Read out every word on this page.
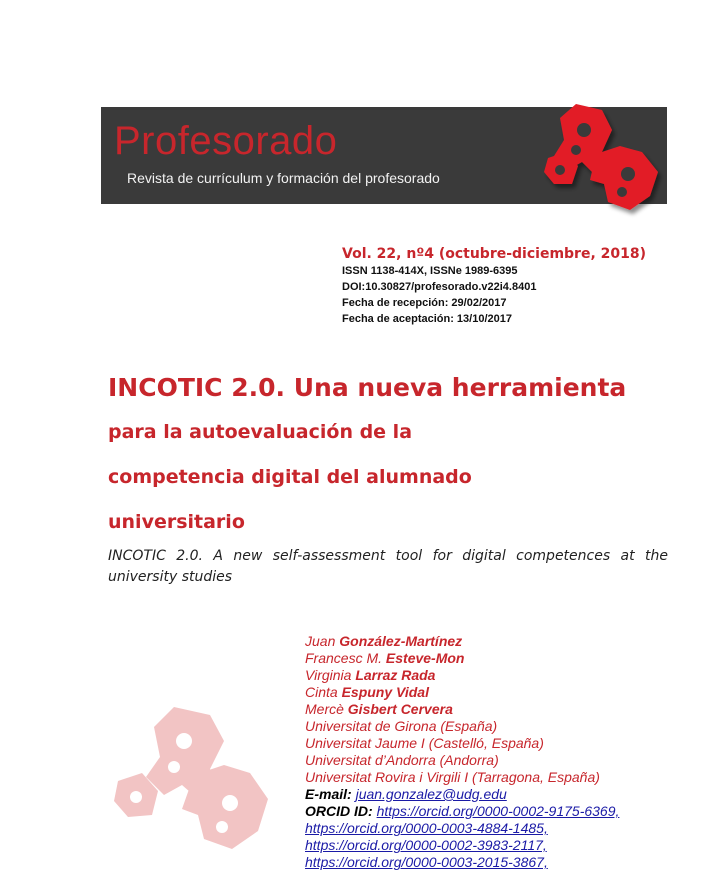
Profesorado
Revista de currículum y formación del profesorado
Vol. 22, nº4 (octubre-diciembre, 2018)
ISSN 1138-414X, ISSNe 1989-6395
DOI:10.30827/profesorado.v22i4.8401
Fecha de recepción: 29/02/2017
Fecha de aceptación: 13/10/2017
INCOTIC 2.0. Una nueva herramienta
para la autoevaluación de la
competencia digital del alumnado
universitario
INCOTIC 2.0. A new self-assessment tool for digital competences at the university studies
Juan González-Martínez
Francesc M. Esteve-Mon
Virginia Larraz Rada
Cinta Espuny Vidal
Mercè Gisbert Cervera
Universitat de Girona (España)
Universitat Jaume I (Castelló, España)
Universitat d’Andorra (Andorra)
Universitat Rovira i Virgili I (Tarragona, España)
E-mail: juan.gonzalez@udg.edu
ORCID ID: https://orcid.org/0000-0002-9175-6369,
https://orcid.org/0000-0003-4884-1485,
https://orcid.org/0000-0002-3983-2117,
https://orcid.org/0000-0003-2015-3867,
